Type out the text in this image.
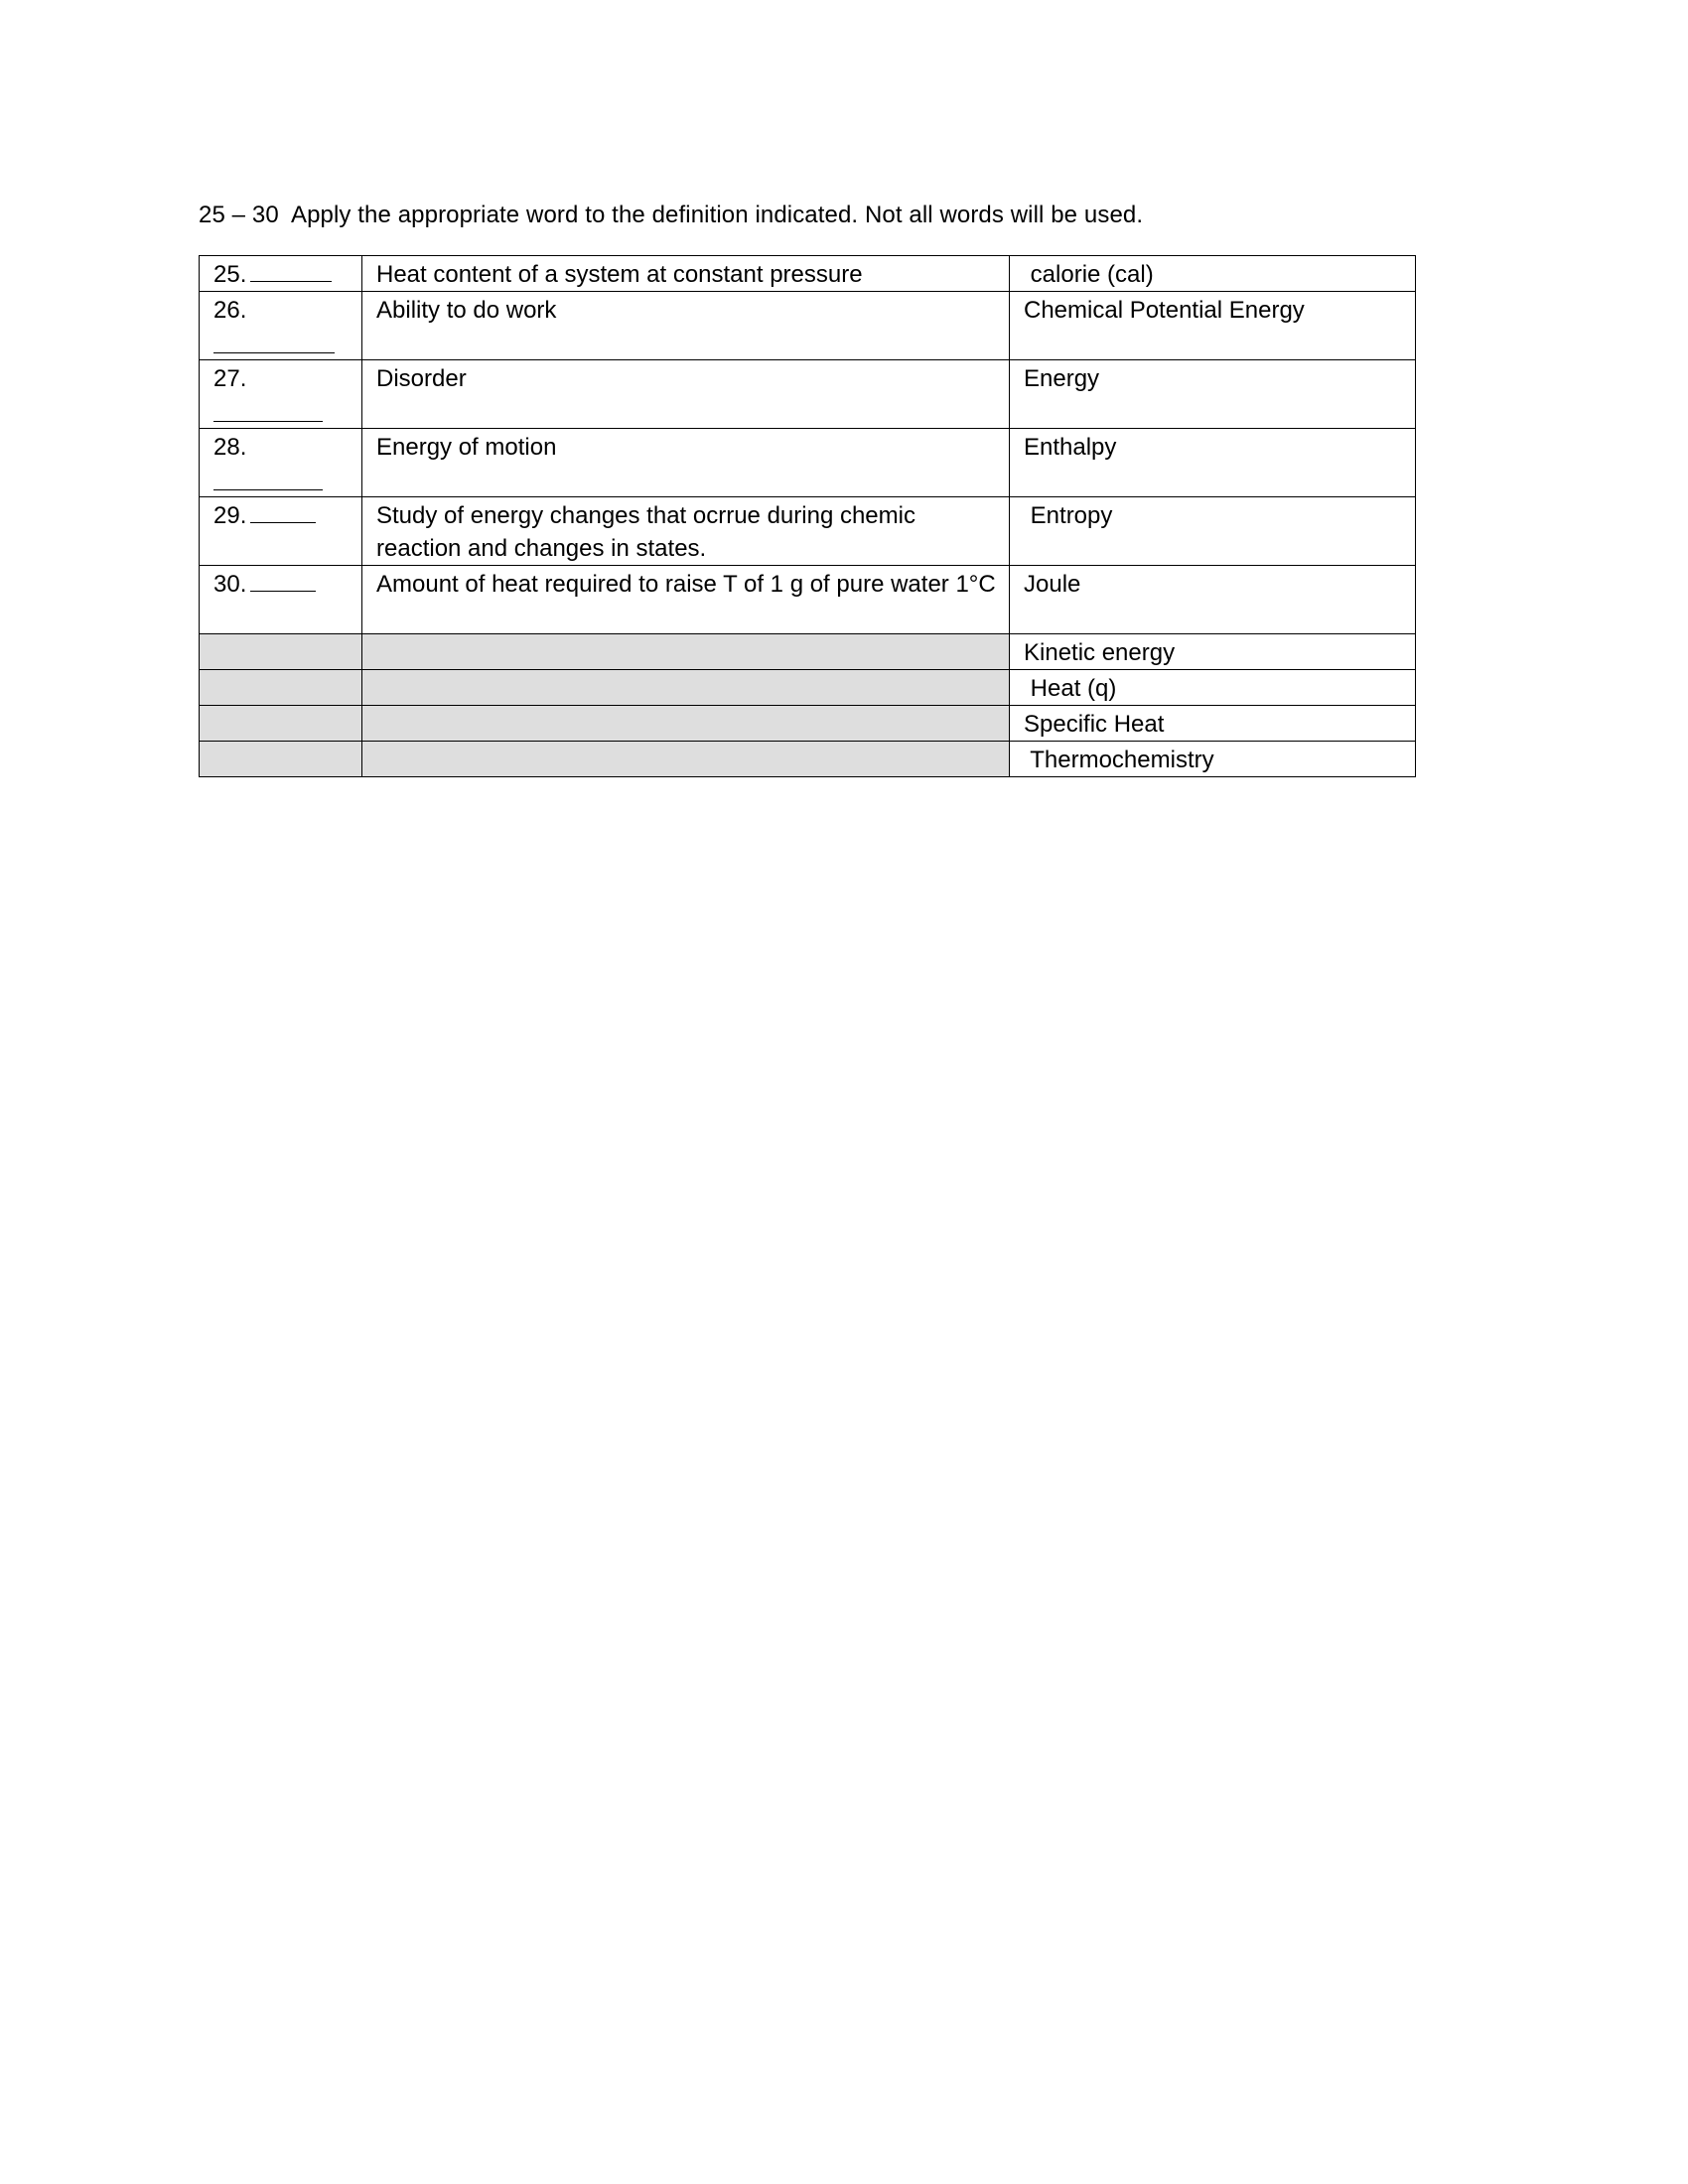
25 – 30  Apply the appropriate word to the definition indicated. Not all words will be used.
25.	Heat content of a system at constant pressure	calorie (cal)
26.	Ability to do work	Chemical Potential Energy
27.	Disorder	Energy
28.	Energy of motion	Enthalpy
29.	Study of energy changes that ocrrue during chemic reaction and changes in states.	Entropy
30.	Amount of heat required to raise T of 1 g of pure water 1°C	Joule
		Kinetic energy
		Heat (q)
		Specific Heat
		Thermochemistry
